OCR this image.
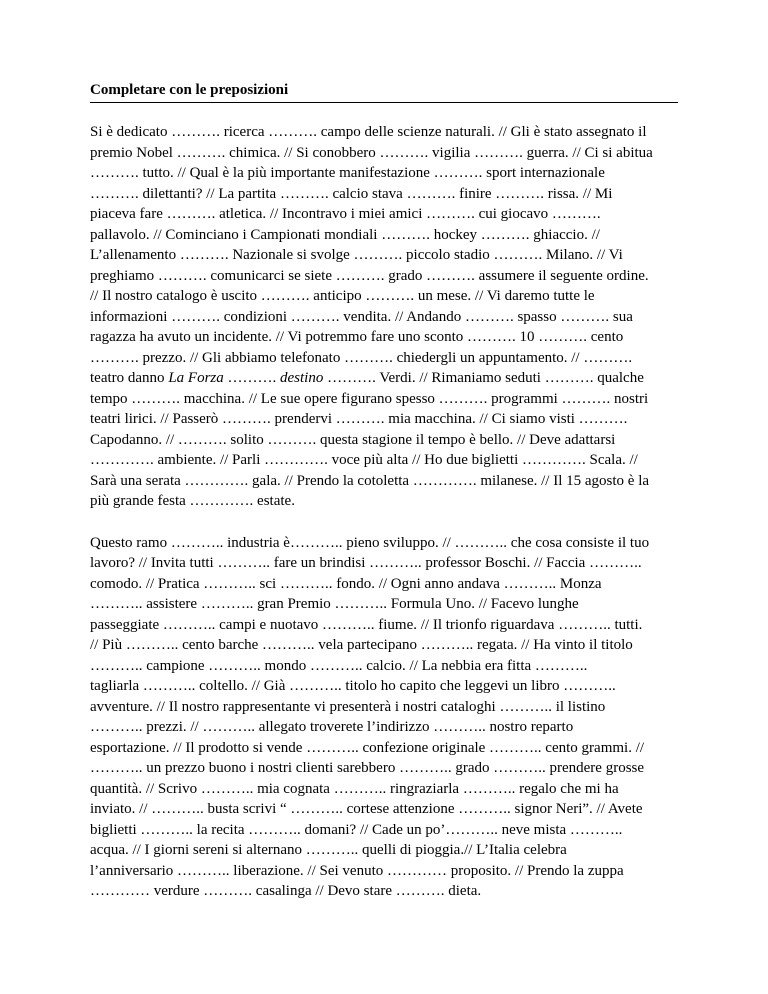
Completare con le preposizioni
Si è dedicato ………. ricerca ………. campo delle scienze naturali. // Gli è stato assegnato il
premio Nobel ………. chimica. // Si conobbero ………. vigilia ………. guerra. // Ci si abitua
………. tutto. // Qual è la più importante manifestazione ………. sport internazionale
………. dilettanti? // La partita ………. calcio stava ………. finire ………. rissa. // Mi
piaceva fare ………. atletica. // Incontravo i miei amici ………. cui giocavo ……….
pallavolo. // Cominciano i Campionati mondiali ………. hockey ………. ghiaccio. //
L’allenamento ………. Nazionale si svolge ………. piccolo stadio ………. Milano. // Vi
preghiamo ………. comunicarci se siete ………. grado ………. assumere il seguente ordine.
// Il nostro catalogo è uscito ………. anticipo ………. un mese. // Vi daremo tutte le
informazioni ………. condizioni ………. vendita. // Andando ………. spasso ………. sua
ragazza ha avuto un incidente. // Vi potremmo fare uno sconto ………. 10 ………. cento
………. prezzo. // Gli abbiamo telefonato ………. chiedergli un appuntamento. // ……….
teatro danno La Forza ………. destino ………. Verdi. // Rimaniamo seduti ………. qualche
tempo ………. macchina. // Le sue opere figurano spesso ………. programmi ………. nostri
teatri lirici. // Passerò ………. prendervi ………. mia macchina. // Ci siamo visti ……….
Capodanno. // ………. solito ………. questa stagione il tempo è bello. // Deve adattarsi
…………. ambiente. // Parli …………. voce più alta // Ho due biglietti …………. Scala. //
Sarà una serata …………. gala. // Prendo la cotoletta …………. milanese. // Il 15 agosto è la
più grande festa …………. estate.
Questo ramo ……….. industria è……….. pieno sviluppo. // ……….. che cosa consiste il tuo
lavoro? // Invita tutti ……….. fare un brindisi ……….. professor Boschi. // Faccia ………..
comodo. // Pratica ……….. sci ……….. fondo. // Ogni anno andava ……….. Monza
……….. assistere ……….. gran Premio ……….. Formula Uno. // Facevo lunghe
passeggiate ……….. campi e nuotavo ……….. fiume. // Il trionfo riguardava ……….. tutti.
// Più ……….. cento barche ……….. vela partecipano ……….. regata. // Ha vinto il titolo
……….. campione ……….. mondo ……….. calcio. // La nebbia era fitta ………..
tagliarla ……….. coltello. // Già ……….. titolo ho capito che leggevi un libro ………..
avventure. // Il nostro rappresentante vi presenterà i nostri cataloghi ……….. il listino
……….. prezzi. // ……….. allegato troverete l’indirizzo ……….. nostro reparto
esportazione. // Il prodotto si vende ……….. confezione originale ……….. cento grammi. //
……….. un prezzo buono i nostri clienti sarebbero ……….. grado ……….. prendere grosse
quantità. // Scrivo ……….. mia cognata ……….. ringraziarla ……….. regalo che mi ha
inviato. // ……….. busta scrivi “ ……….. cortese attenzione ……….. signor Neri”. // Avete
biglietti ……….. la recita ……….. domani? // Cade un po’……….. neve mista ………..
acqua. // I giorni sereni si alternano ……….. quelli di pioggia.// L’Italia celebra
l’anniversario ……….. liberazione. // Sei venuto ………… proposito. // Prendo la zuppa
………… verdure ………. casalinga // Devo stare ………. dieta.
